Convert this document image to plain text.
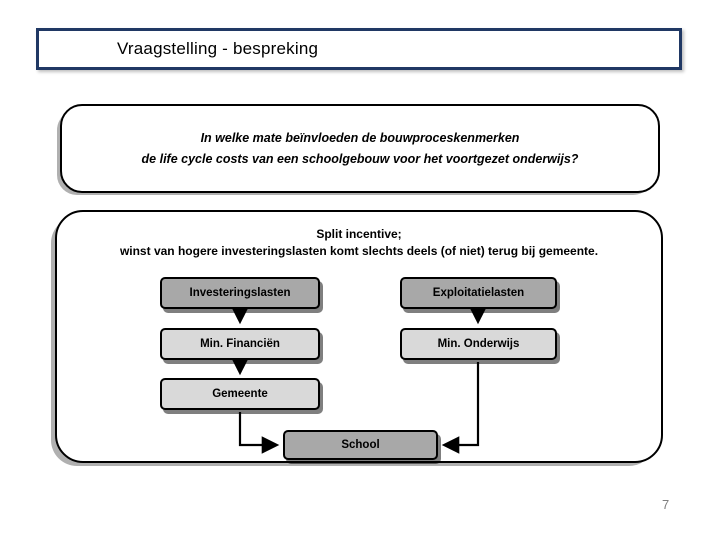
Vraagstelling - bespreking
In welke mate beïnvloeden de bouwproceskenmerken
de life cycle costs van een schoolgebouw voor het voortgezet onderwijs?
Split incentive;
winst van hogere investeringslasten komt slechts deels (of niet) terug bij gemeente.
Investeringslasten	Exploitatielasten
Min. Financiën	Min. Onderwijs
Gemeente
School
7
